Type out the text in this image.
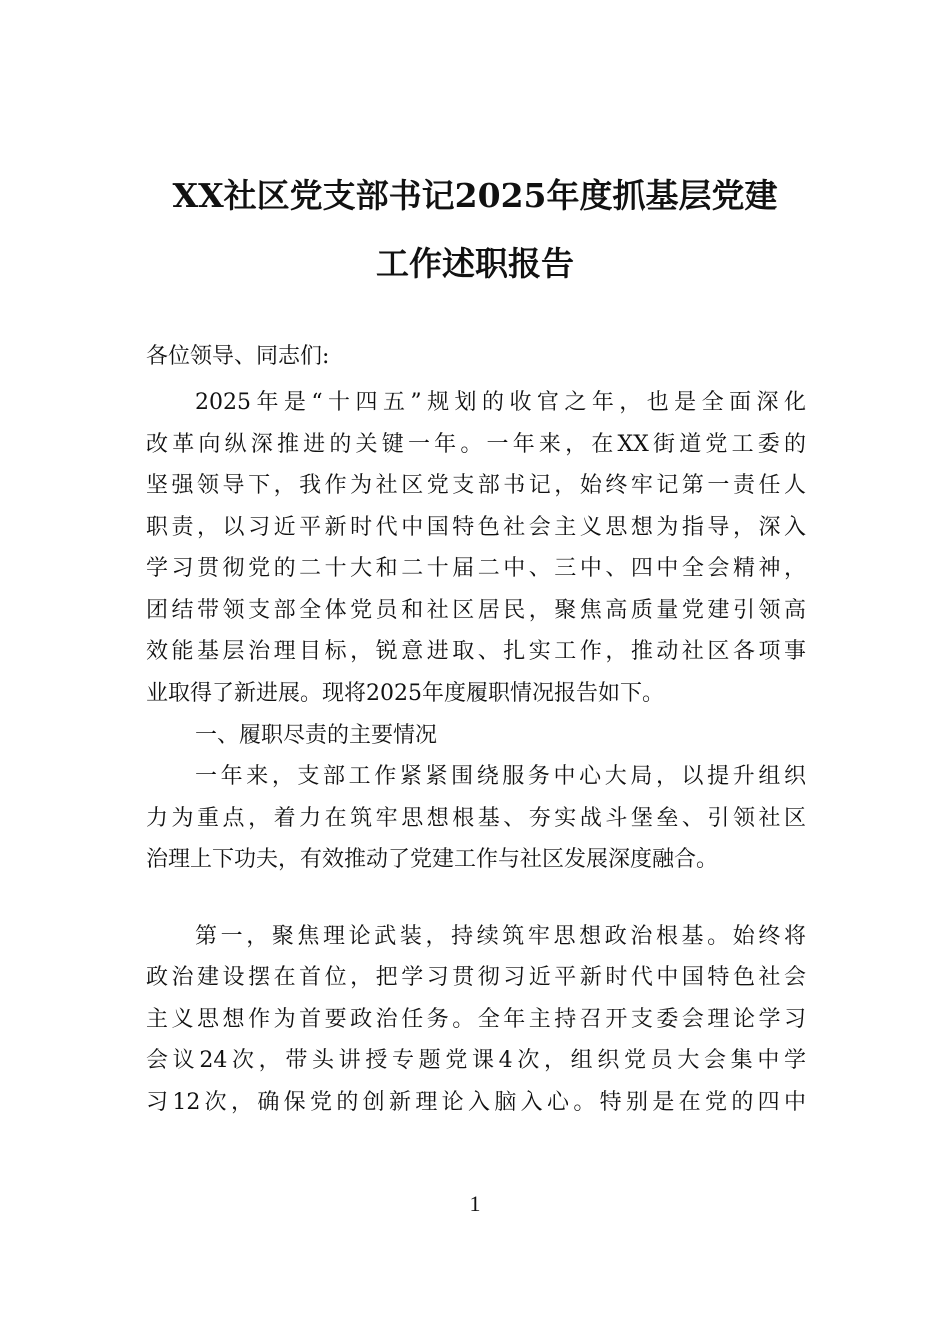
XX社区党支部书记2025年度抓基层党建
工作述职报告
各位领导、同志们:
2025年是“十四五”规划的收官之年，也是全面深化
改革向纵深推进的关键一年。一年来，在XX街道党工委的
坚强领导下，我作为社区党支部书记，始终牢记第一责任人
职责，以习近平新时代中国特色社会主义思想为指导，深入
学习贯彻党的二十大和二十届二中、三中、四中全会精神，
团结带领支部全体党员和社区居民，聚焦高质量党建引领高
效能基层治理目标，锐意进取、扎实工作，推动社区各项事
业取得了新进展。现将2025年度履职情况报告如下。
一、履职尽责的主要情况
一年来，支部工作紧紧围绕服务中心大局，以提升组织
力为重点，着力在筑牢思想根基、夯实战斗堡垒、引领社区
治理上下功夫，有效推动了党建工作与社区发展深度融合。
第一，聚焦理论武装，持续筑牢思想政治根基。始终将
政治建设摆在首位，把学习贯彻习近平新时代中国特色社会
主义思想作为首要政治任务。全年主持召开支委会理论学习
会议24次，带头讲授专题党课4次，组织党员大会集中学
习12次，确保党的创新理论入脑入心。特别是在党的四中
1
